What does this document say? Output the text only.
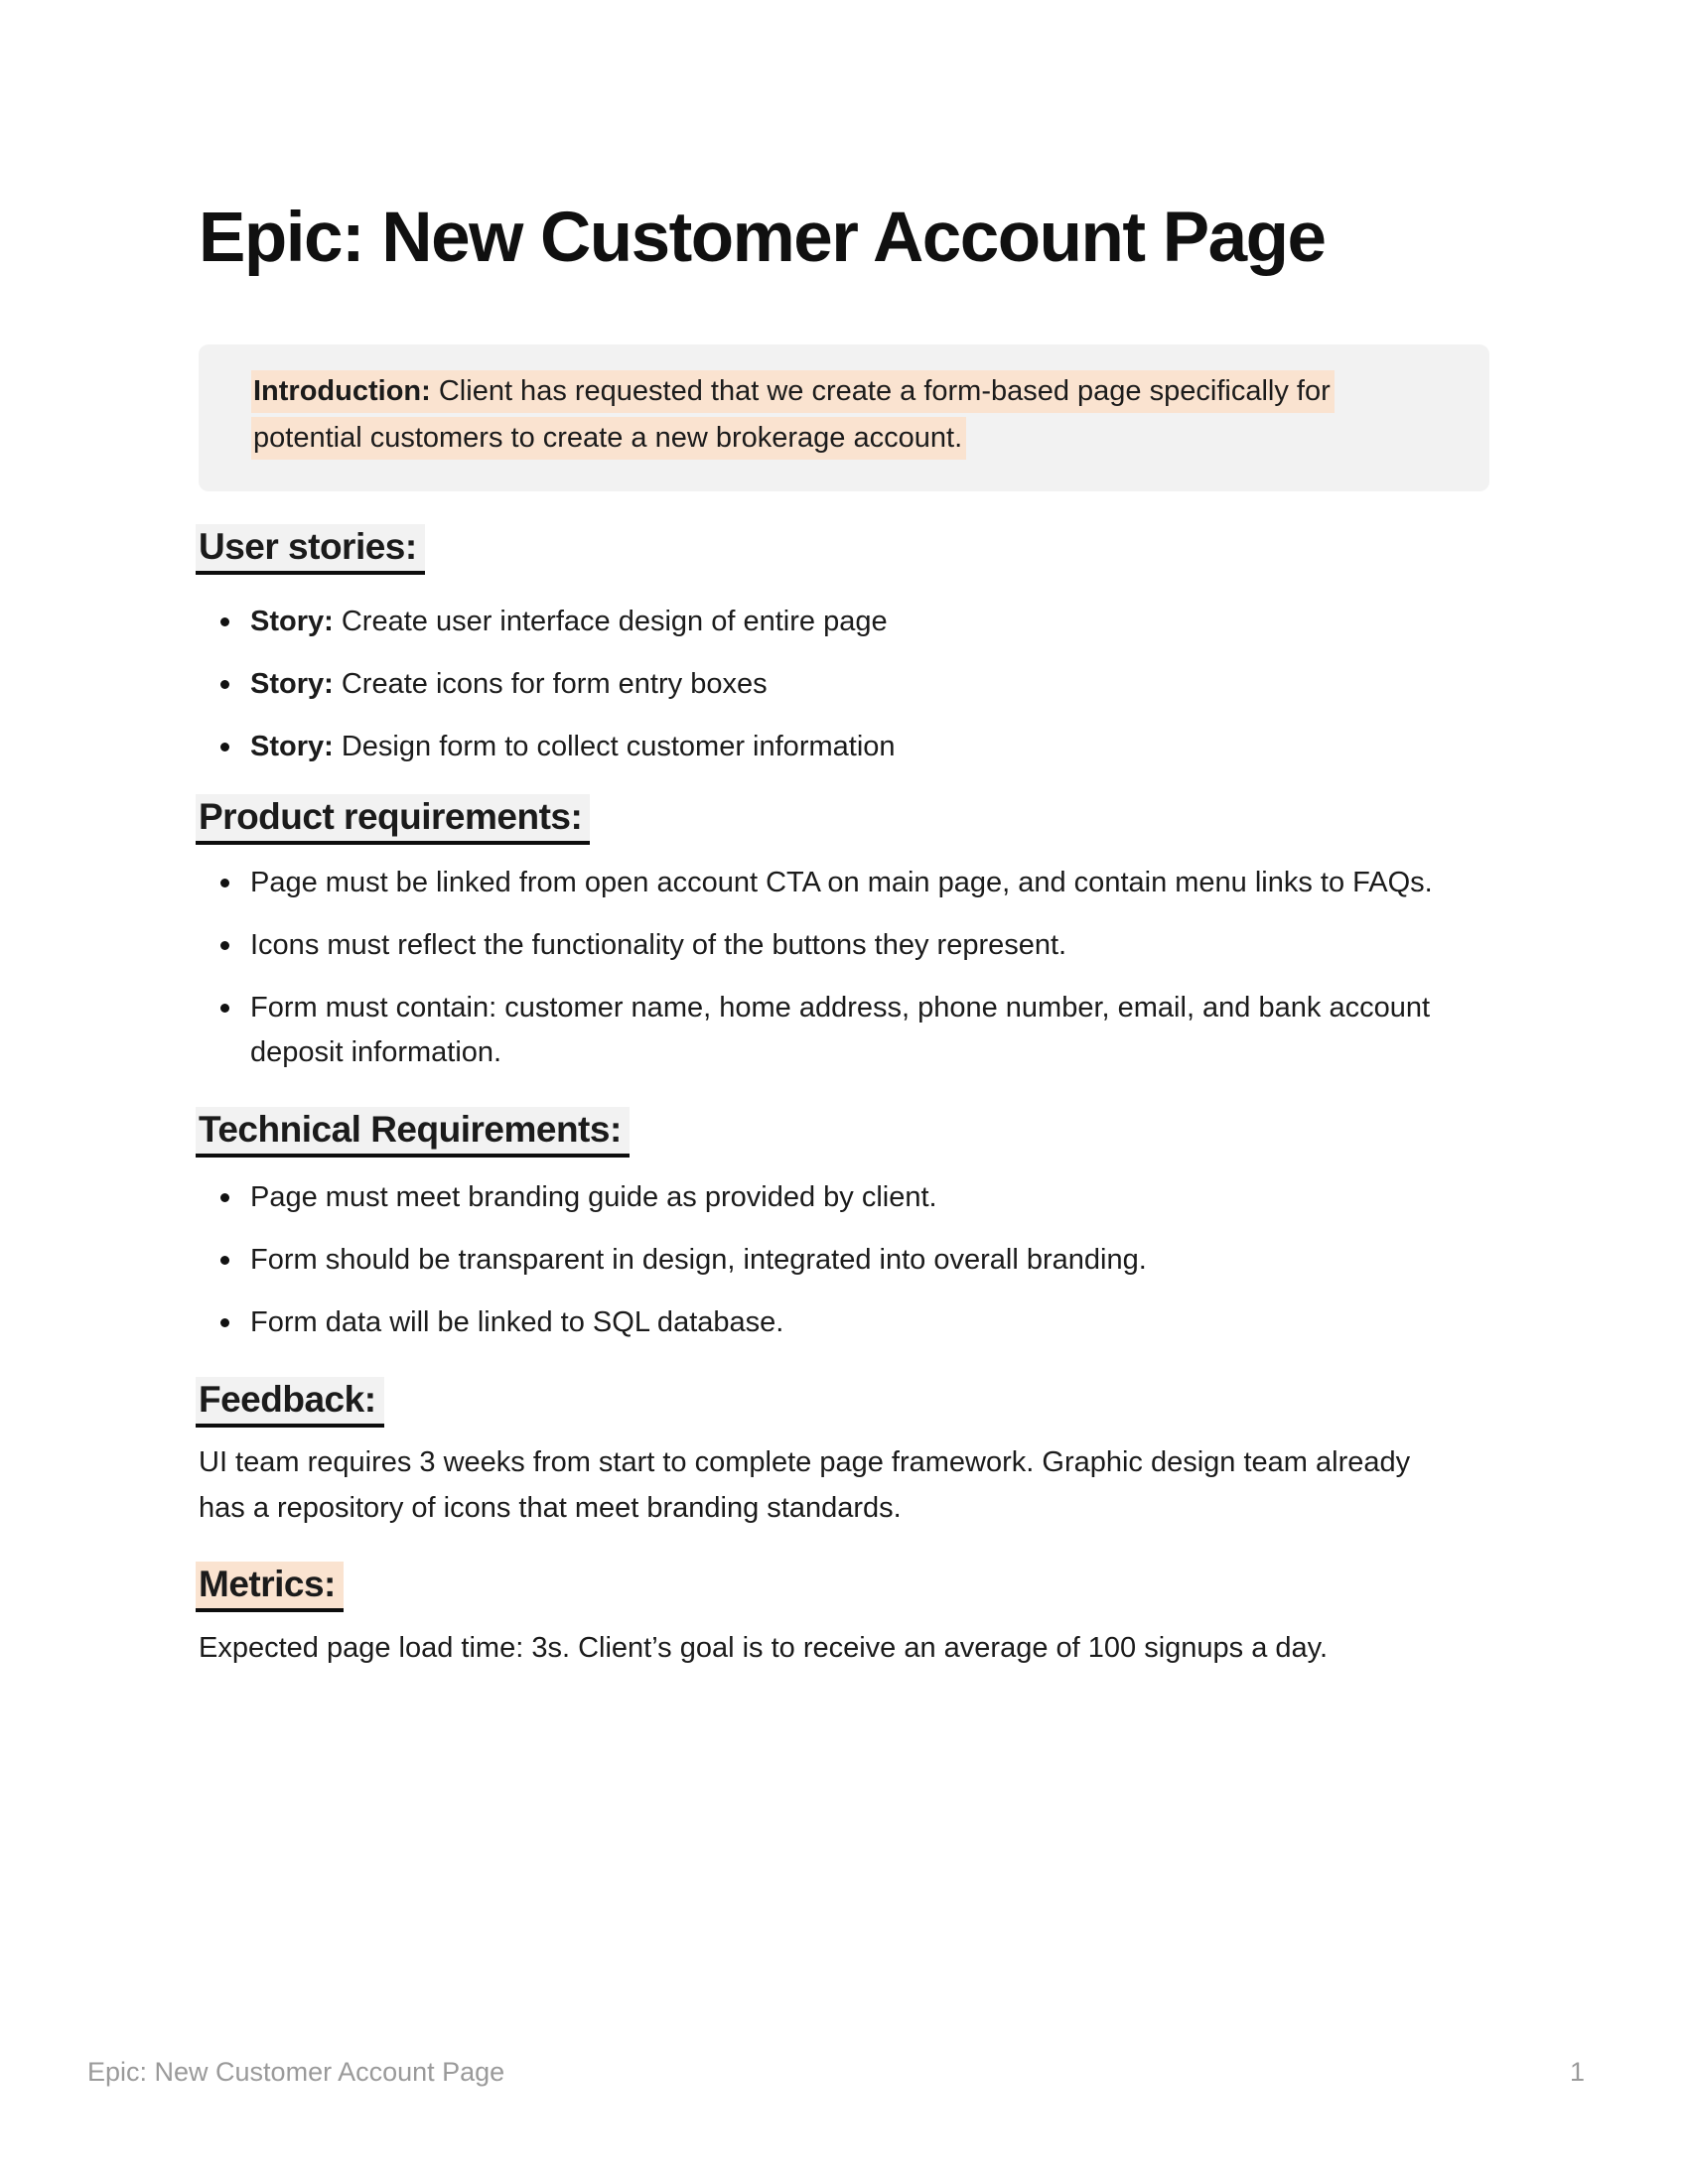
Epic: New Customer Account Page
Introduction: Client has requested that we create a form-based page specifically for
potential customers to create a new brokerage account.
User stories:
Story: Create user interface design of entire page
Story: Create icons for form entry boxes
Story: Design form to collect customer information
Product requirements:
Page must be linked from open account CTA on main page, and contain menu links to FAQs.
Icons must reflect the functionality of the buttons they represent.
Form must contain: customer name, home address, phone number, email, and bank account
deposit information.
Technical Requirements:
Page must meet branding guide as provided by client.
Form should be transparent in design, integrated into overall branding.
Form data will be linked to SQL database.
Feedback:

UI team requires 3 weeks from start to complete page framework. Graphic design team already
has a repository of icons that meet branding standards.

Metrics:

Expected page load time: 3s. Client’s goal is to receive an average of 100 signups a day.

Epic: New Customer Account Page	1
